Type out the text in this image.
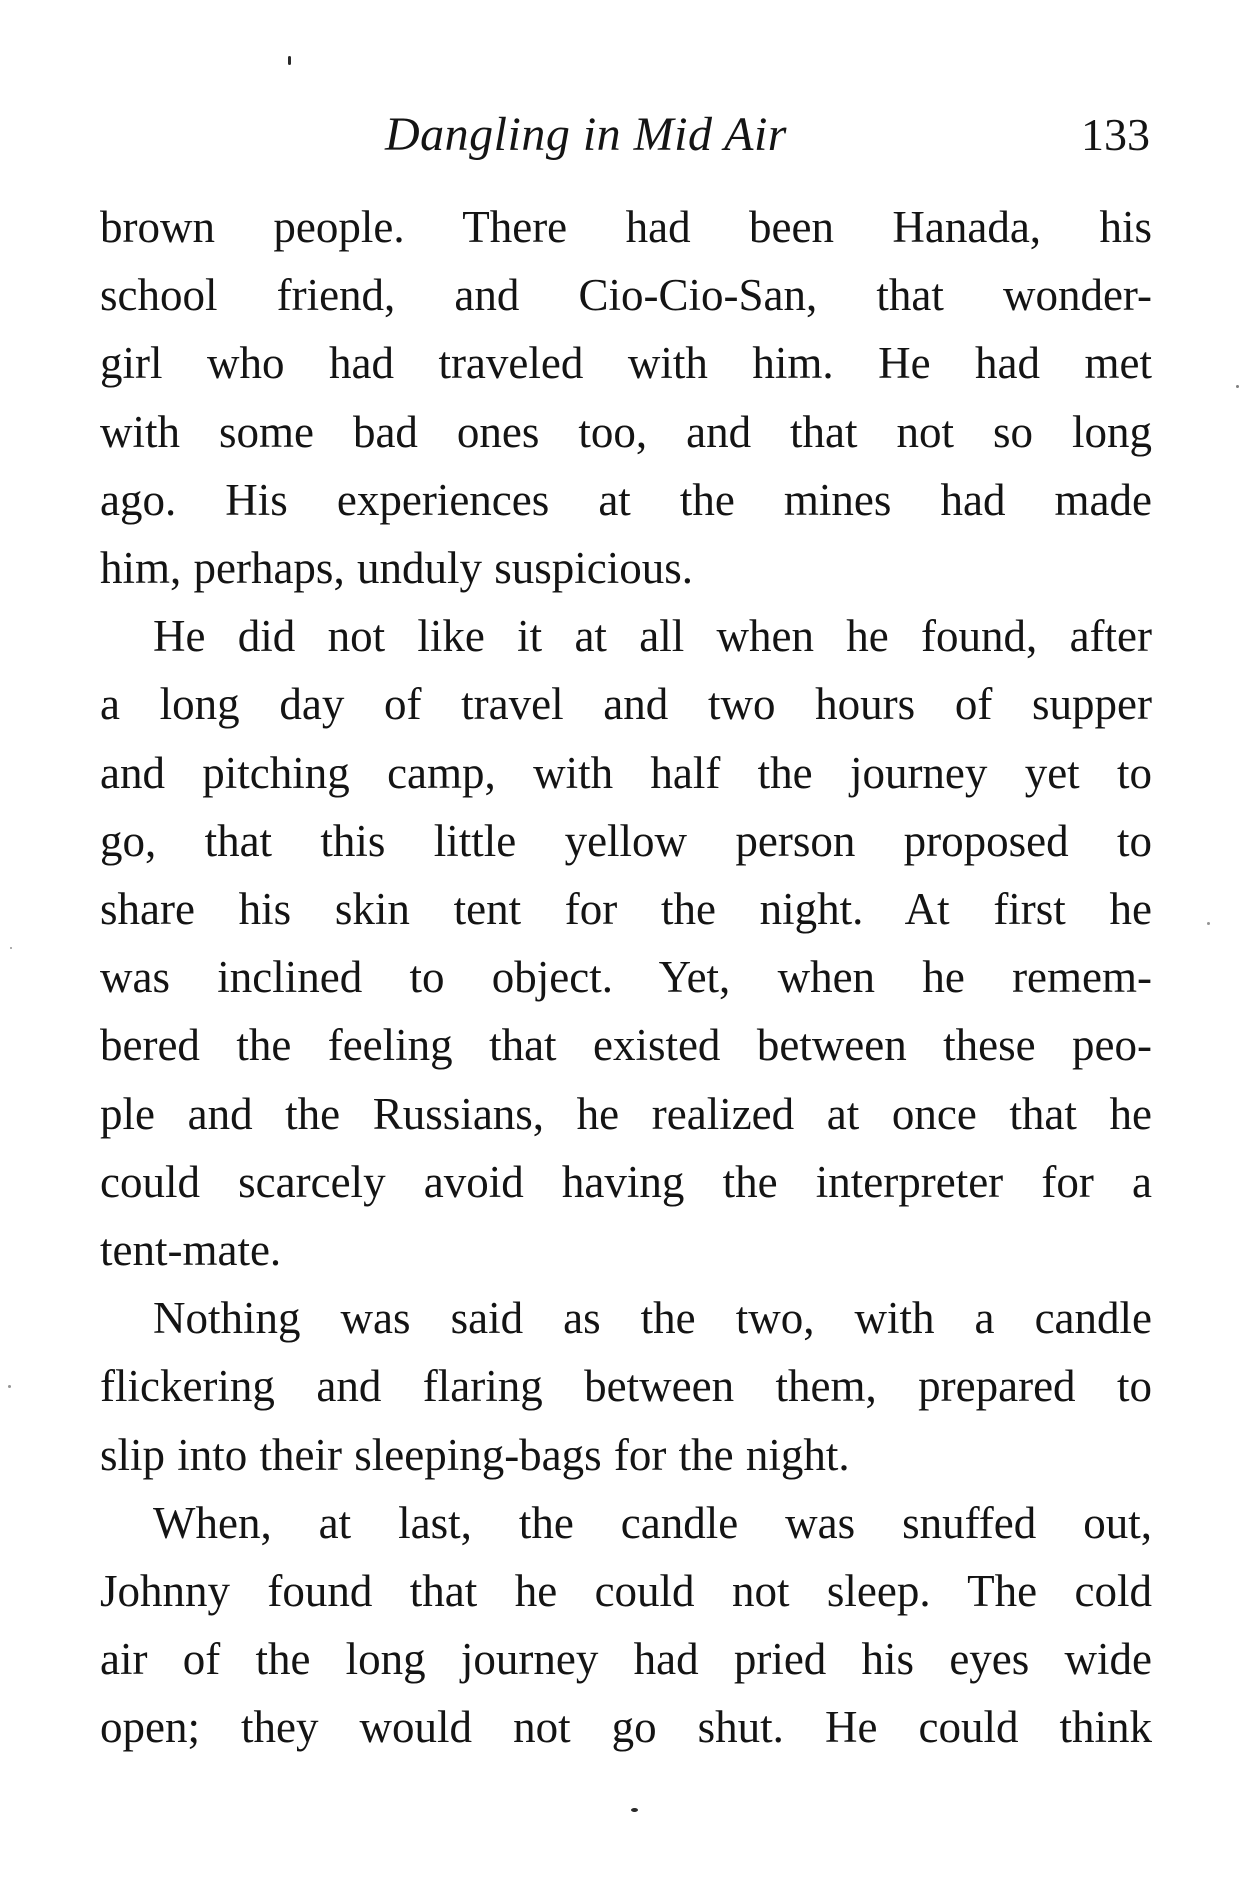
Dangling in Mid Air	133
brown people. There had been Hanada, his
school friend, and Cio-Cio-San, that wonder-
girl who had traveled with him. He had met
with some bad ones too, and that not so long
ago. His experiences at the mines had made
him, perhaps, unduly suspicious.
He did not like it at all when he found, after
a long day of travel and two hours of supper
and pitching camp, with half the journey yet to
go, that this little yellow person proposed to
share his skin tent for the night. At first he
was inclined to object. Yet, when he remem-
bered the feeling that existed between these peo-
ple and the Russians, he realized at once that he
could scarcely avoid having the interpreter for a
tent-mate.
Nothing was said as the two, with a candle
flickering and flaring between them, prepared to
slip into their sleeping-bags for the night.
When, at last, the candle was snuffed out,
Johnny found that he could not sleep. The cold
air of the long journey had pried his eyes wide
open; they would not go shut. He could think
